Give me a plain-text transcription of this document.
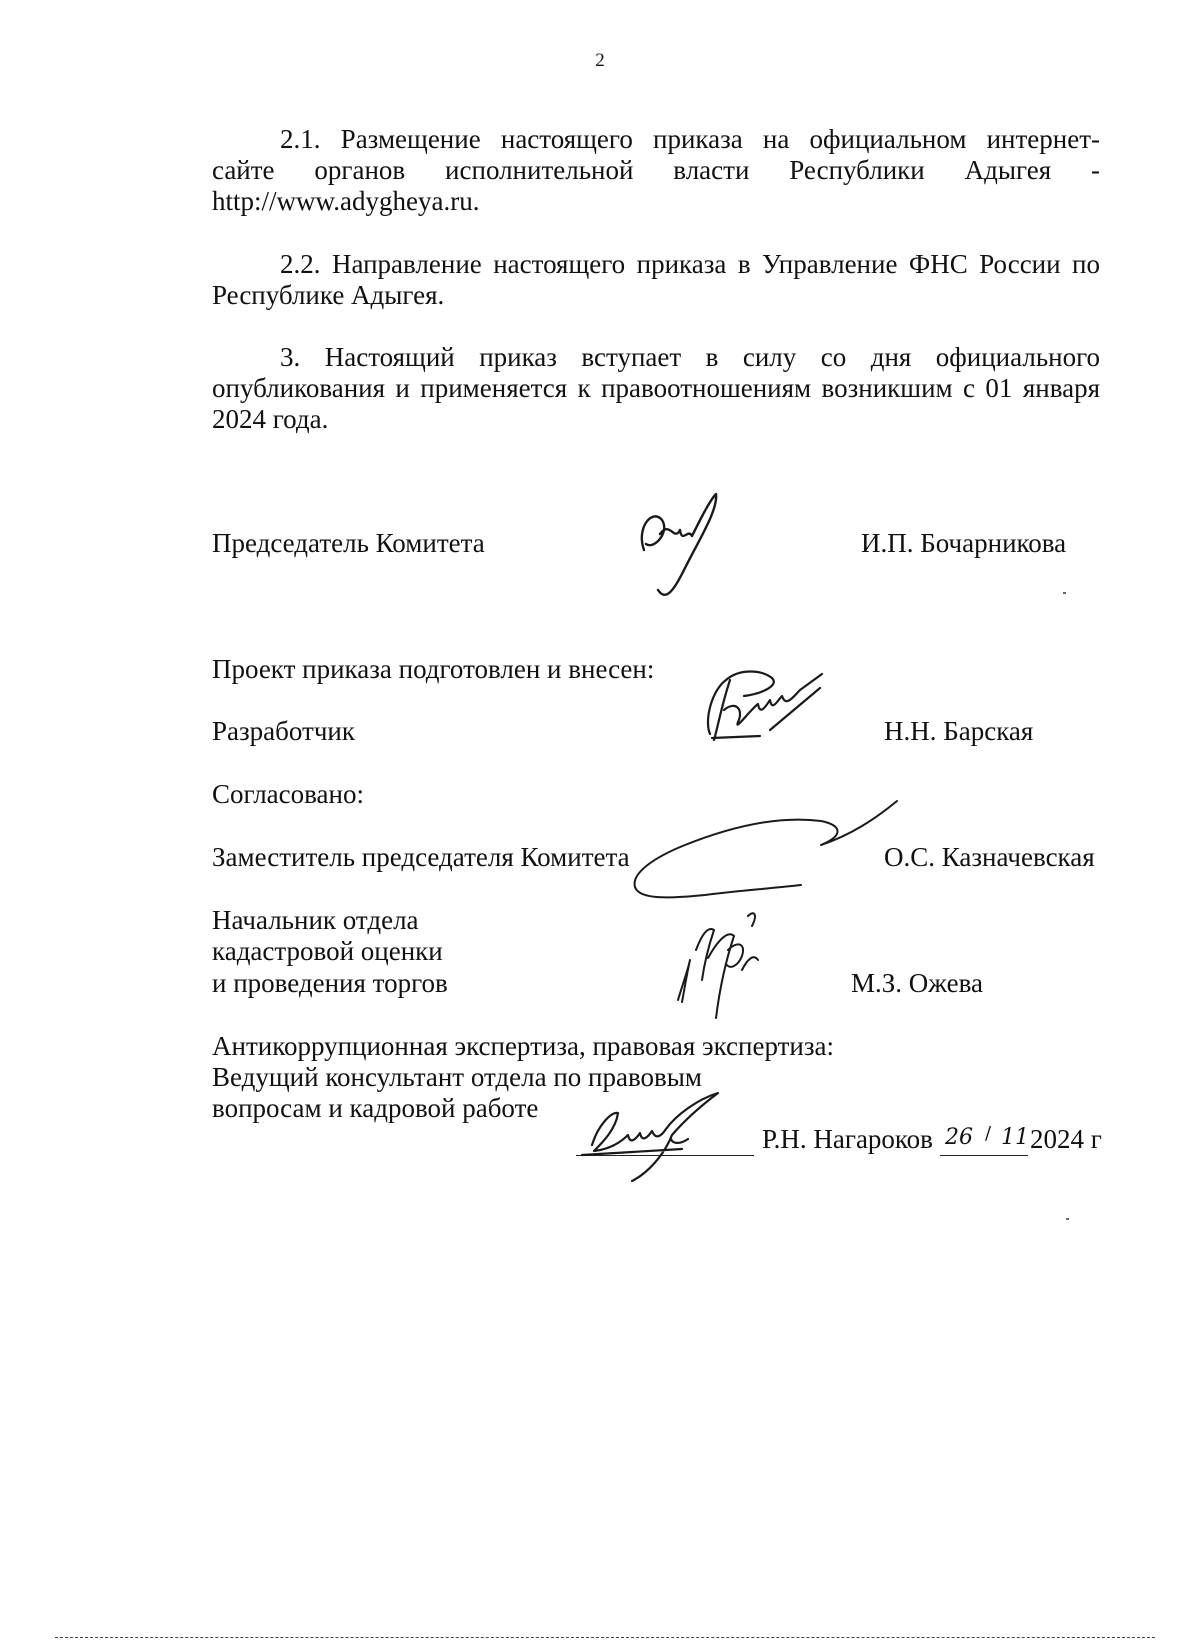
2
2.1. Размещение настоящего приказа на официальном интернет-
сайте органов исполнительной власти Республики Адыгея -
http://www.adygheya.ru.
2.2. Направление настоящего приказа в Управление ФНС России по
Республике Адыгея.
3. Настоящий приказ вступает в силу со дня официального
опубликования и применяется к правоотношениям возникшим с 01 января
2024 года.
Председатель Комитета	И.П. Бочарникова
Проект приказа подготовлен и внесен:
Разработчик	Н.Н. Барская
Согласовано:
Заместитель председателя Комитета	О.С. Казначевская
Начальник отдела
кадастровой оценки
и проведения торгов	М.З. Ожева
Антикоррупционная экспертиза, правовая экспертиза:
Ведущий консультант отдела по правовым
вопросам и кадровой работе
Р.Н. Нагароков 26 / 11 2024 г
